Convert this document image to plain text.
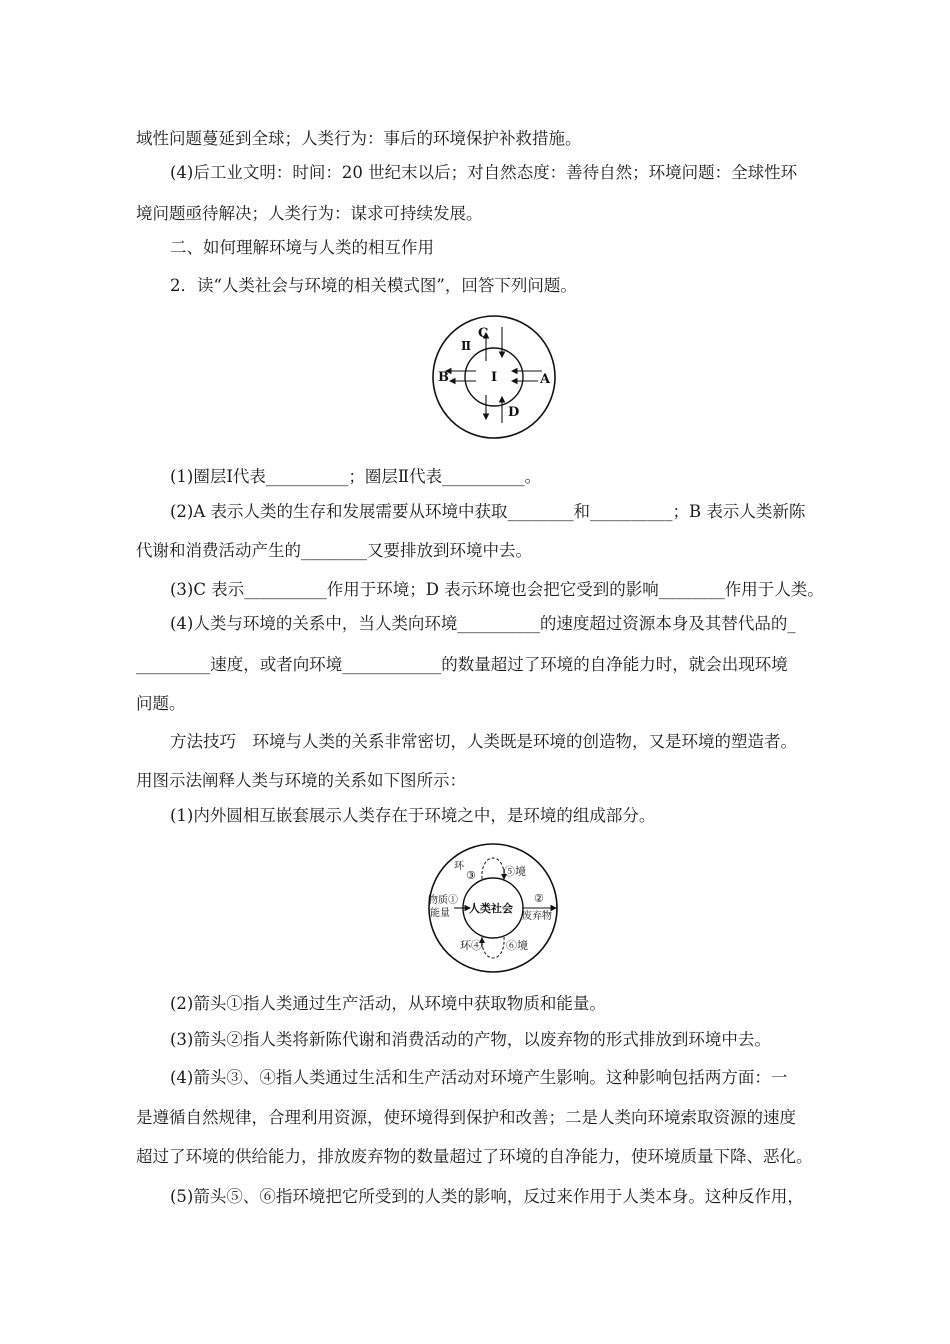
域性问题蔓延到全球；人类行为：事后的环境保护补救措施。
(4)后工业文明：时间：20 世纪末以后；对自然态度：善待自然；环境问题：全球性环
境问题亟待解决；人类行为：谋求可持续发展。
二、如何理解环境与人类的相互作用
2．读“人类社会与环境的相关模式图”，回答下列问题。
C
Ⅱ
B	I	A
D
(1)圈层Ⅰ代表__________；圈层Ⅱ代表__________。
(2)A 表示人类的生存和发展需要从环境中获取________和__________；B 表示人类新陈
代谢和消费活动产生的________又要排放到环境中去。
(3)C 表示__________作用于环境；D 表示环境也会把它受到的影响________作用于人类。
(4)人类与环境的关系中，当人类向环境__________的速度超过资源本身及其替代品的_
_________速度，或者向环境____________的数量超过了环境的自净能力时，就会出现环境
问题。
方法技巧　环境与人类的关系非常密切，人类既是环境的创造物，又是环境的塑造者。
用图示法阐释人类与环境的关系如下图所示：
(1)内外圆相互嵌套展示人类存在于环境之中，是环境的组成部分。
环
③	⑤境
物质①
能量 人类社会
②
废弃物
环④ ⑥境
(2)箭头①指人类通过生产活动，从环境中获取物质和能量。
(3)箭头②指人类将新陈代谢和消费活动的产物，以废弃物的形式排放到环境中去。
(4)箭头③、④指人类通过生活和生产活动对环境产生影响。这种影响包括两方面：一
是遵循自然规律，合理利用资源，使环境得到保护和改善；二是人类向环境索取资源的速度
超过了环境的供给能力，排放废弃物的数量超过了环境的自净能力，使环境质量下降、恶化。
(5)箭头⑤、⑥指环境把它所受到的人类的影响，反过来作用于人类本身。这种反作用，
